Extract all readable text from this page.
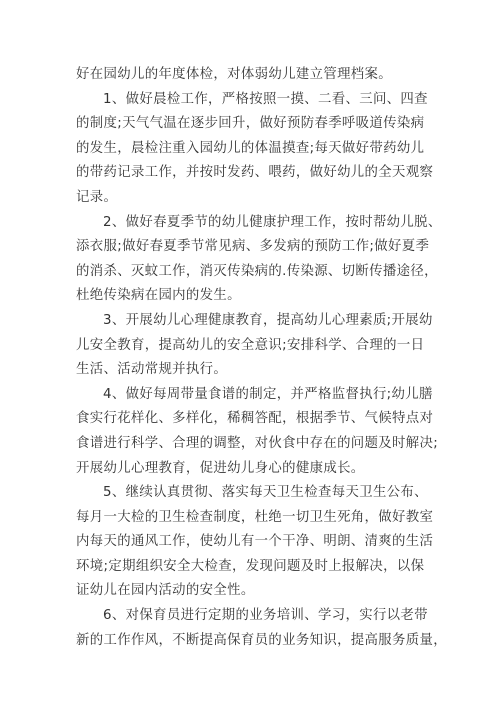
好在园幼儿的年度体检，对体弱幼儿建立管理档案。
1、做好晨检工作，严格按照一摸、二看、三问、四查
的制度;天气气温在逐步回升，做好预防春季呼吸道传染病
的发生，晨检注重入园幼儿的体温摸查;每天做好带药幼儿
的带药记录工作，并按时发药、喂药，做好幼儿的全天观察
记录。
2、做好春夏季节的幼儿健康护理工作，按时帮幼儿脱、
添衣服;做好春夏季节常见病、多发病的预防工作;做好夏季
的消杀、灭蚊工作，消灭传染病的.传染源、切断传播途径，
杜绝传染病在园内的发生。
3、开展幼儿心理健康教育，提高幼儿心理素质;开展幼
儿安全教育，提高幼儿的安全意识;安排科学、合理的一日
生活、活动常规并执行。
4、做好每周带量食谱的制定，并严格监督执行;幼儿膳
食实行花样化、多样化，稀稠答配，根据季节、气候特点对
食谱进行科学、合理的调整，对伙食中存在的问题及时解决;
开展幼儿心理教育，促进幼儿身心的健康成长。
5、继续认真贯彻、落实每天卫生检查每天卫生公布、
每月一大检的卫生检查制度，杜绝一切卫生死角，做好教室
内每天的通风工作，使幼儿有一个干净、明朗、清爽的生活
环境;定期组织安全大检查，发现问题及时上报解决，以保
证幼儿在园内活动的安全性。
6、对保育员进行定期的业务培训、学习，实行以老带
新的工作作风，不断提高保育员的业务知识，提高服务质量，
